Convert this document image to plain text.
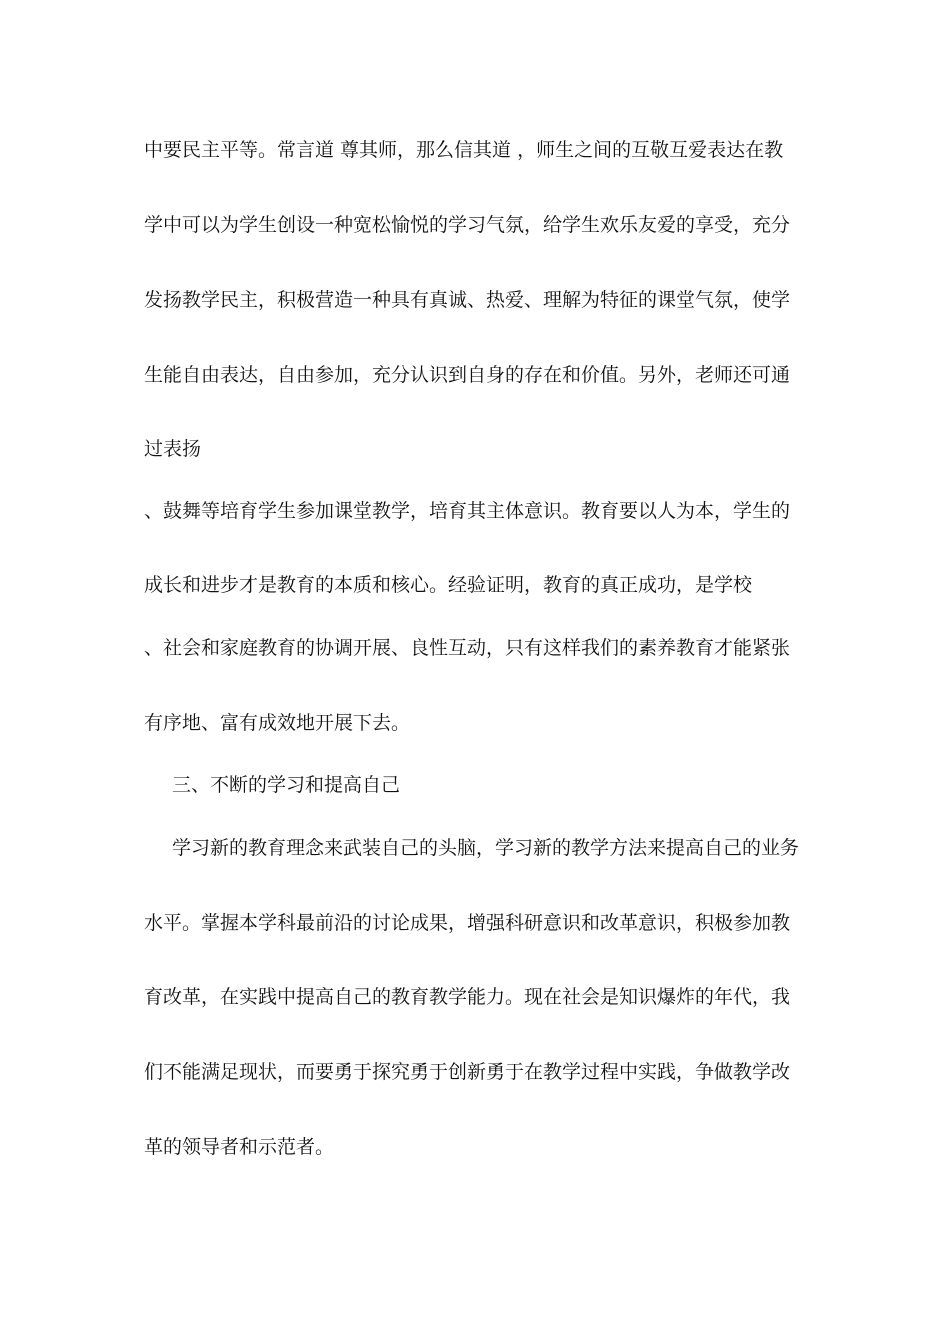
中要民主平等。常言道 尊其师，那么信其道 ，师生之间的互敬互爱表达在教
学中可以为学生创设一种宽松愉悦的学习气氛，给学生欢乐友爱的享受，充分
发扬教学民主，积极营造一种具有真诚、热爱、理解为特征的课堂气氛，使学
生能自由表达，自由参加，充分认识到自身的存在和价值。另外，老师还可通
过表扬
、鼓舞等培育学生参加课堂教学，培育其主体意识。教育要以人为本，学生的
成长和进步才是教育的本质和核心。经验证明，教育的真正成功，是学校
、社会和家庭教育的协调开展、良性互动，只有这样我们的素养教育才能紧张
有序地、富有成效地开展下去。
三、不断的学习和提高自己
学习新的教育理念来武装自己的头脑，学习新的教学方法来提高自己的业务
水平。掌握本学科最前沿的讨论成果，增强科研意识和改革意识，积极参加教
育改革，在实践中提高自己的教育教学能力。现在社会是知识爆炸的年代，我
们不能满足现状，而要勇于探究勇于创新勇于在教学过程中实践，争做教学改
革的领导者和示范者。
